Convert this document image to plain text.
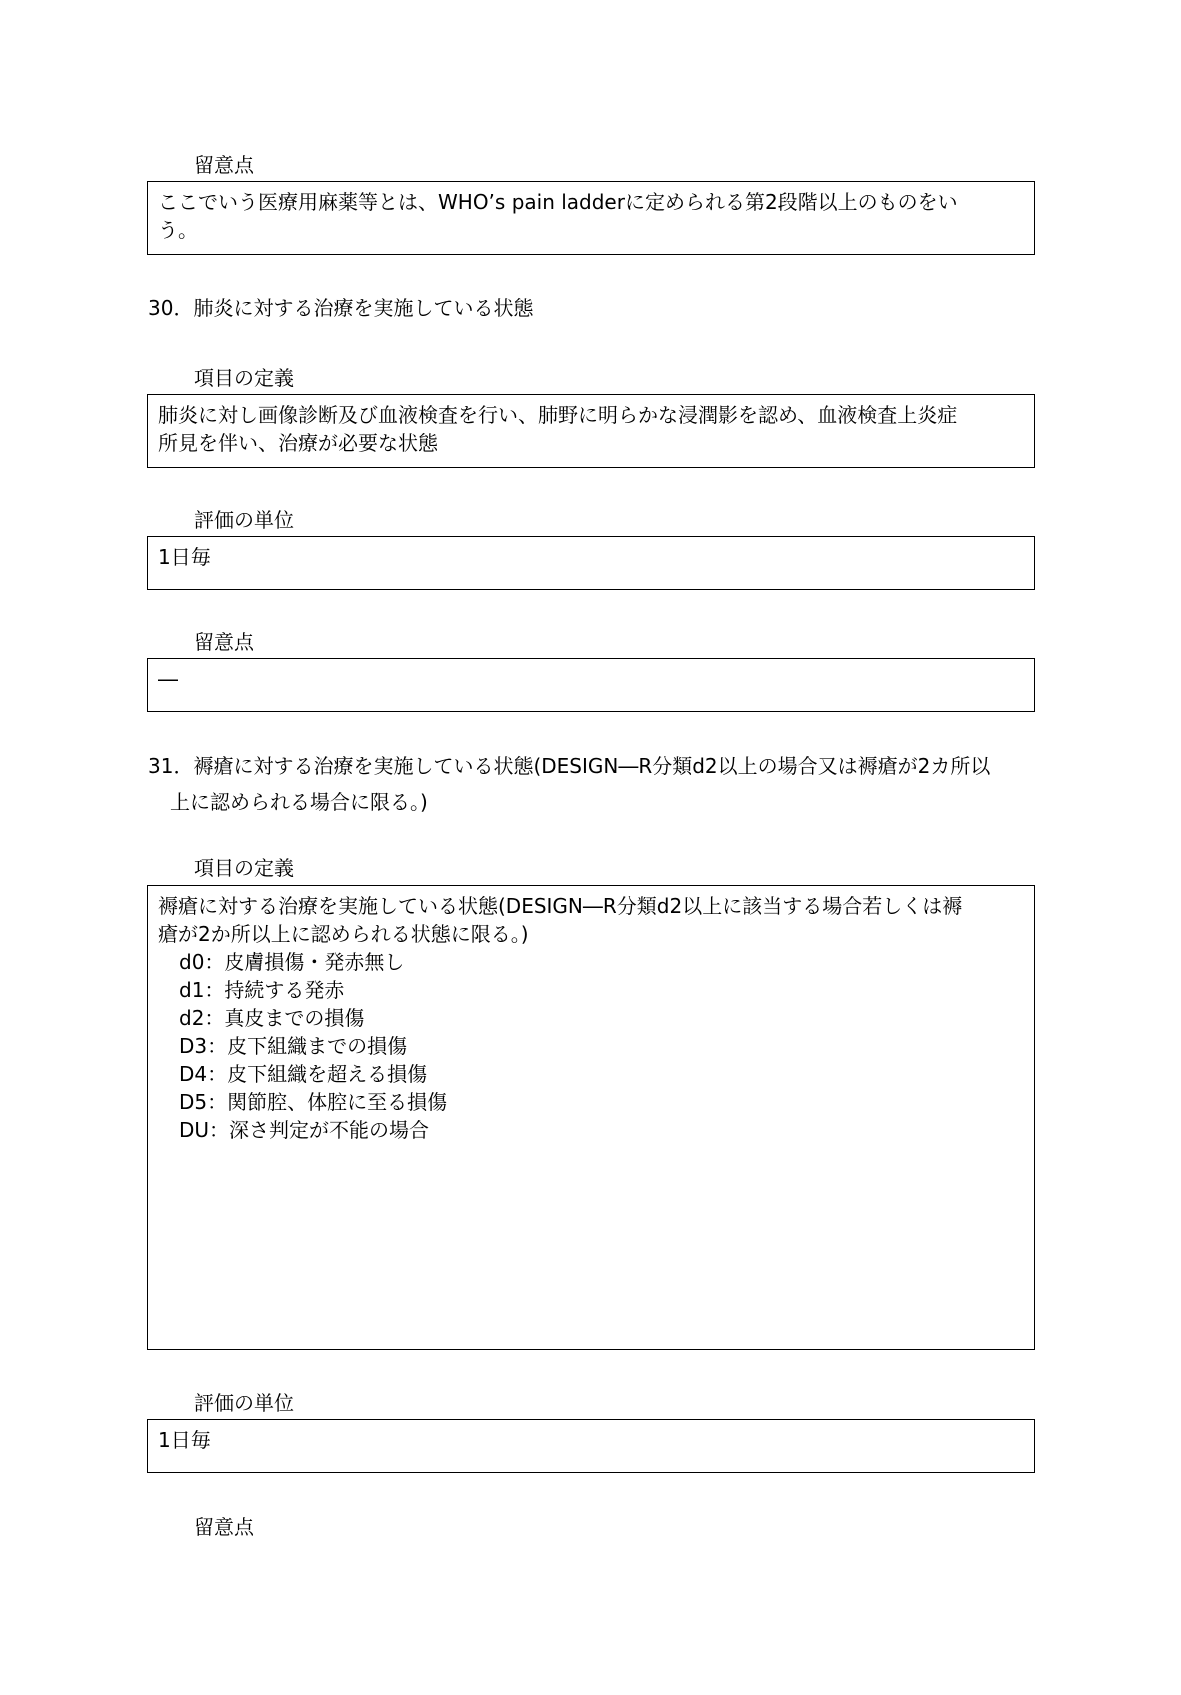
留意点
ここでいう医療用麻薬等とは、WHO’s pain ladderに定められる第2段階以上のものをい
う。
30．肺炎に対する治療を実施している状態
項目の定義
肺炎に対し画像診断及び血液検査を行い、肺野に明らかな浸潤影を認め、血液検査上炎症
所見を伴い、治療が必要な状態
評価の単位
1日毎
留意点
―
31．褥瘡に対する治療を実施している状態(DESIGN―R分類d2以上の場合又は褥瘡が2カ所以
上に認められる場合に限る。)
項目の定義
褥瘡に対する治療を実施している状態(DESIGN―R分類d2以上に該当する場合若しくは褥
瘡が2か所以上に認められる状態に限る。)
d0：皮膚損傷・発赤無し
d1：持続する発赤
d2：真皮までの損傷
D3：皮下組織までの損傷
D4：皮下組織を超える損傷
D5：関節腔、体腔に至る損傷
DU：深さ判定が不能の場合
評価の単位
1日毎
留意点
